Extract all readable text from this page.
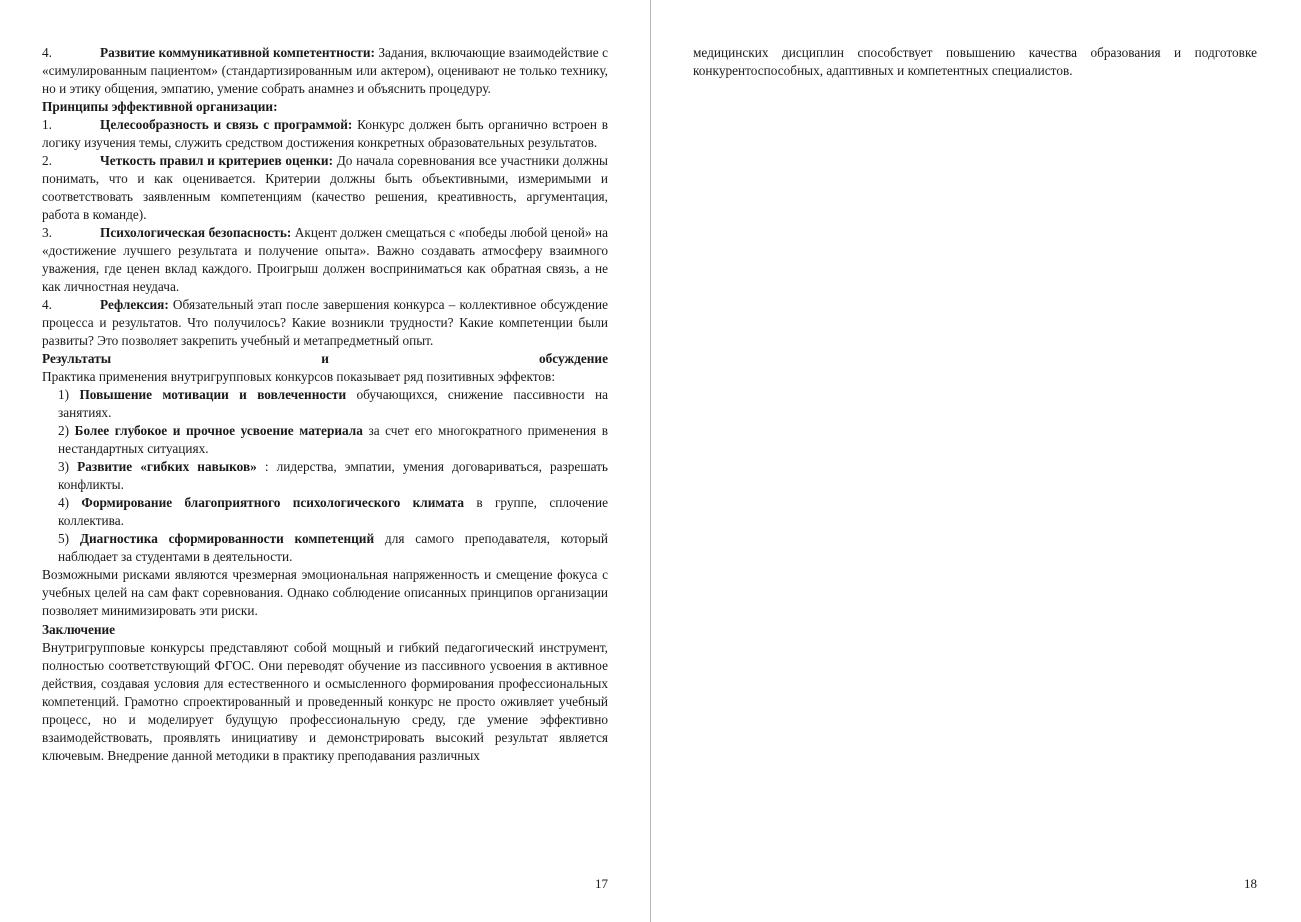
4.	Развитие коммуникативной компетентности: Задания, включающие взаимодействие с «симулированным пациентом» (стандартизированным или актером), оценивают не только технику, но и этику общения, эмпатию, умение собрать анамнез и объяснить процедуру.

Принципы эффективной организации:

1.	Целесообразность и связь с программой: Конкурс должен быть органично встроен в логику изучения темы, служить средством достижения конкретных образовательных результатов.

2.	Четкость правил и критериев оценки: До начала соревнования все участники должны понимать, что и как оценивается. Критерии должны быть объективными, измеримыми и соответствовать заявленным компетенциям (качество решения, креативность, аргументация, работа в команде).

3.	Психологическая безопасность: Акцент должен смещаться с «победы любой ценой» на «достижение лучшего результата и получение опыта». Важно создавать атмосферу взаимного уважения, где ценен вклад каждого. Проигрыш должен восприниматься как обратная связь, а не как личностная неудача.

4.	Рефлексия: Обязательный этап после завершения конкурса – коллективное обсуждение процесса и результатов. Что получилось? Какие возникли трудности? Какие компетенции были развиты? Это позволяет закрепить учебный и метапредметный опыт.

Результаты	и	обсуждение

Практика применения внутригрупповых конкурсов показывает ряд позитивных эффектов:

1) Повышение мотивации и вовлеченности обучающихся, снижение пассивности на занятиях.

2) Более глубокое и прочное усвоение материала за счет его многократного применения в нестандартных ситуациях.

3) Развитие «гибких навыков» : лидерства, эмпатии, умения договариваться, разрешать конфликты.

4) Формирование благоприятного психологического климата в группе, сплочение коллектива.

5) Диагностика сформированности компетенций для самого преподавателя, который наблюдает за студентами в деятельности.

Возможными рисками являются чрезмерная эмоциональная напряженность и смещение фокуса с учебных целей на сам факт соревнования. Однако соблюдение описанных принципов организации позволяет минимизировать эти риски.

Заключение

Внутригрупповые конкурсы представляют собой мощный и гибкий педагогический инструмент, полностью соответствующий ФГОС. Они переводят обучение из пассивного усвоения в активное действия, создавая условия для естественного и осмысленного формирования профессиональных компетенций. Грамотно спроектированный и проведенный конкурс не просто оживляет учебный процесс, но и моделирует будущую профессиональную среду, где умение эффективно взаимодействовать, проявлять инициативу и демонстрировать высокий результат является ключевым. Внедрение данной методики в практику преподавания различных

17

медицинских дисциплин способствует повышению качества образования и подготовке конкурентоспособных, адаптивных и компетентных специалистов.

18
